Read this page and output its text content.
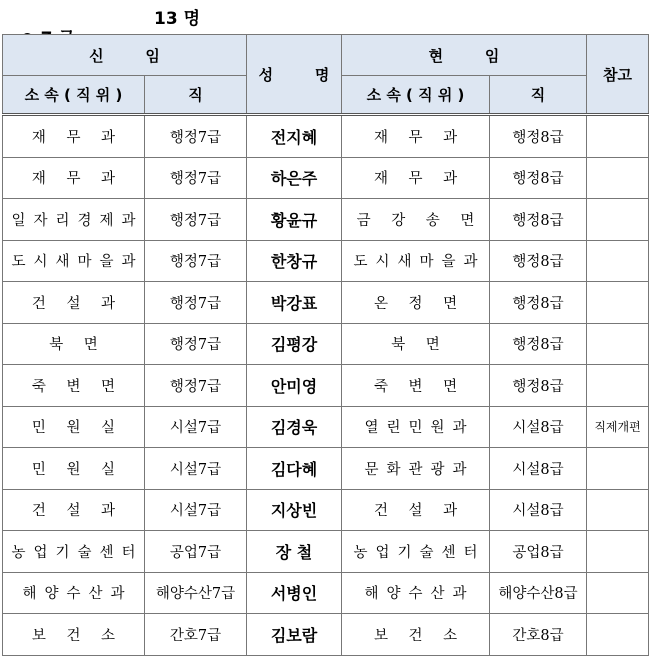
13 명

신        임		성        명	현        임		참고
소 속 ( 직 위 )	직		소 속 ( 직 위 )	직	
재 무 과	행정7급	전지혜	재 무 과	행정8급	
재 무 과	행정7급	하은주	재 무 과	행정8급	
일자리경제과	행정7급	황윤규	금 강 송 면	행정8급	
도시새마을과	행정7급	한창규	도시새마을과	행정8급	
건 설 과	행정7급	박강표	온 정 면	행정8급	
북 면	행정7급	김평강	북 면	행정8급	
죽 변 면	행정7급	안미영	죽 변 면	행정8급	
민 원 실	시설7급	김경욱	열린민원과	시설8급	직제개편
민 원 실	시설7급	김다혜	문화관광과	시설8급	
건 설 과	시설7급	지상빈	건 설 과	시설8급	
농업기술센터	공업7급	장 철	농업기술센터	공업8급	
해양수산과	해양수산7급	서병인	해양수산과	해양수산8급	
보 건 소	간호7급	김보람	보 건 소	간호8급	
